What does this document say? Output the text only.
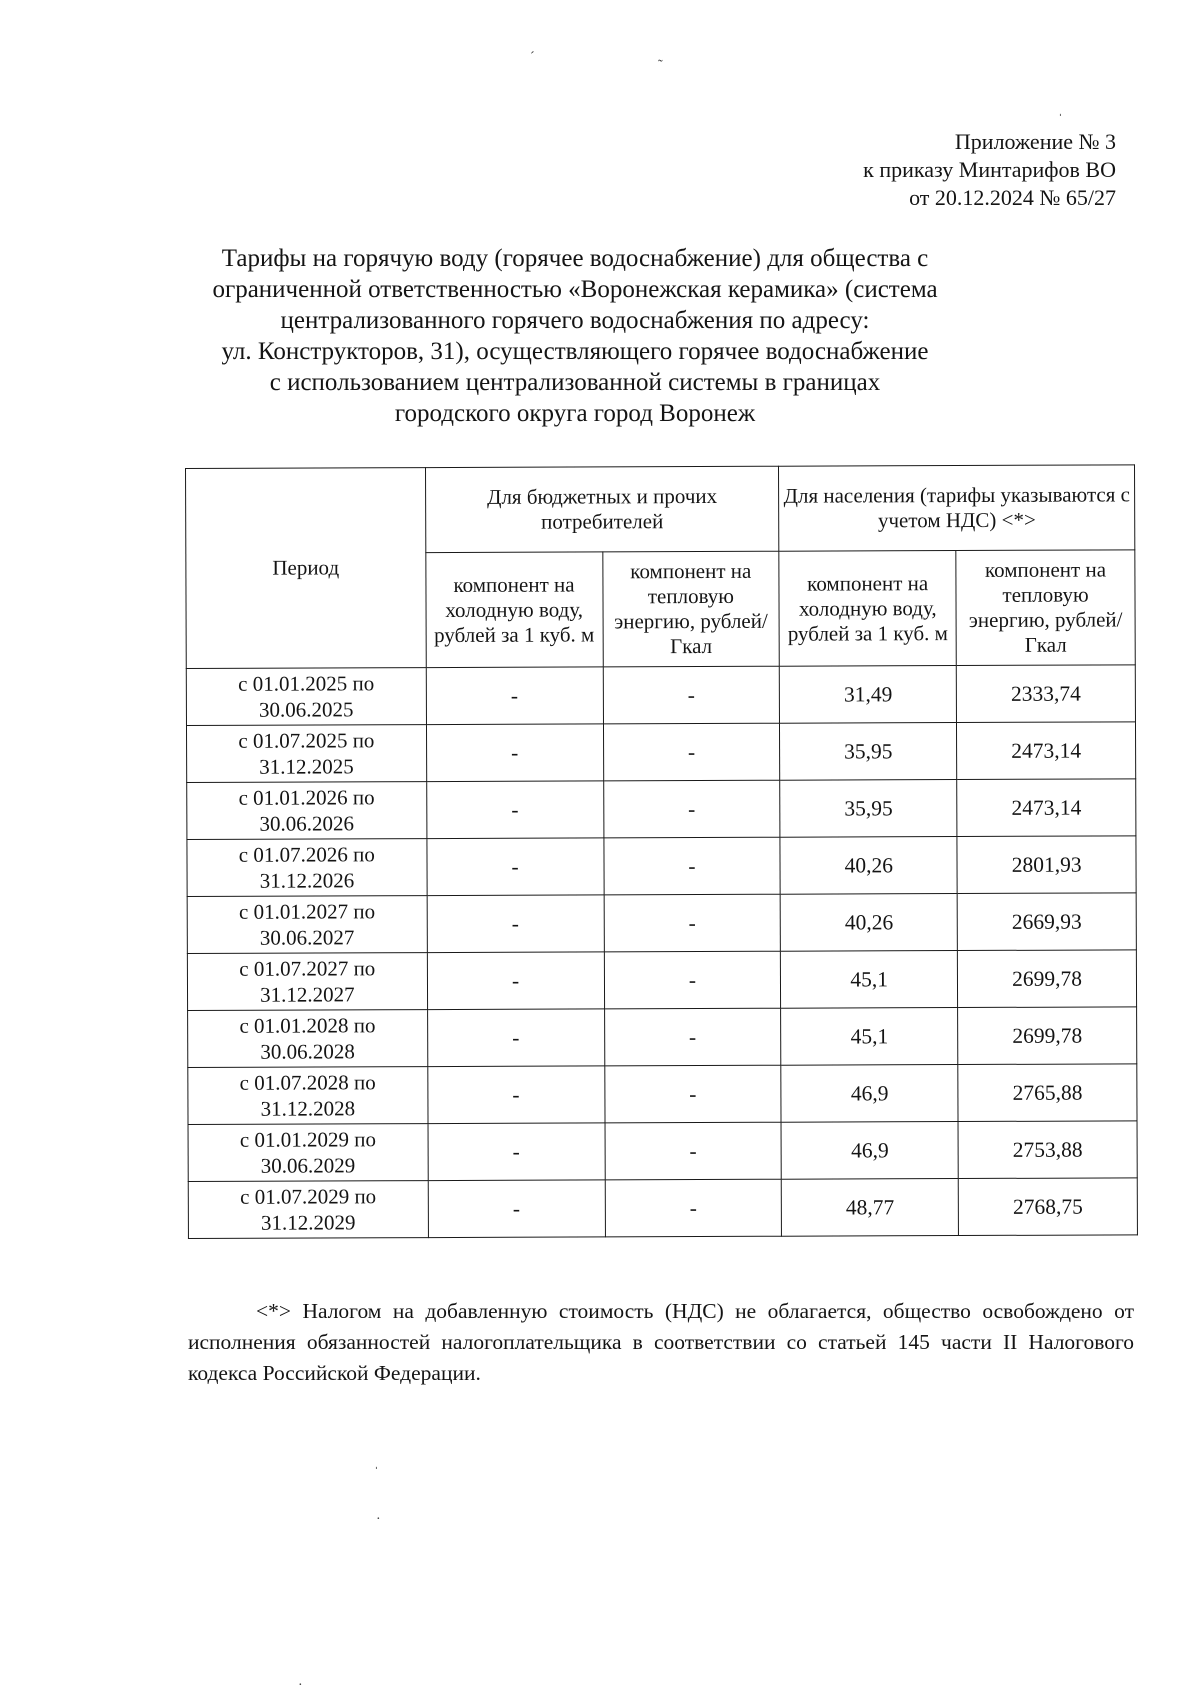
ˊ	˷
ˌ
ˌ
·
·
Приложение № 3
к приказу Минтарифов ВО
от 20.12.2024 № 65/27
Тарифы на горячую воду (горячее водоснабжение) для общества с
ограниченной ответственностью «Воронежская керамика» (система
централизованного горячего водоснабжения по адресу:
ул. Конструкторов, 31), осуществляющего горячее водоснабжение
с использованием централизованной системы в границах
городского округа город Воронеж
Период	Для бюджетных и прочих потребителей		Для населения (тарифы указываются с учетом НДС) <*>	
	компонент на холодную воду, рублей за 1 куб. м	компонент на тепловую энергию, рублей/Гкал	компонент на холодную воду, рублей за 1 куб. м	компонент на тепловую энергию, рублей/Гкал
с 01.01.2025 по 30.06.2025	-	-	31,49	2333,74
с 01.07.2025 по 31.12.2025	-	-	35,95	2473,14
с 01.01.2026 по 30.06.2026	-	-	35,95	2473,14
с 01.07.2026 по 31.12.2026	-	-	40,26	2801,93
с 01.01.2027 по 30.06.2027	-	-	40,26	2669,93
с 01.07.2027 по 31.12.2027	-	-	45,1	2699,78
с 01.01.2028 по 30.06.2028	-	-	45,1	2699,78
с 01.07.2028 по 31.12.2028	-	-	46,9	2765,88
с 01.01.2029 по 30.06.2029	-	-	46,9	2753,88
с 01.07.2029 по 31.12.2029	-	-	48,77	2768,75
<*> Налогом на добавленную стоимость (НДС) не облагается, общество освобождено от исполнения обязанностей налогоплательщика в соответствии со статьей 145 части II Налогового кодекса Российской Федерации.
